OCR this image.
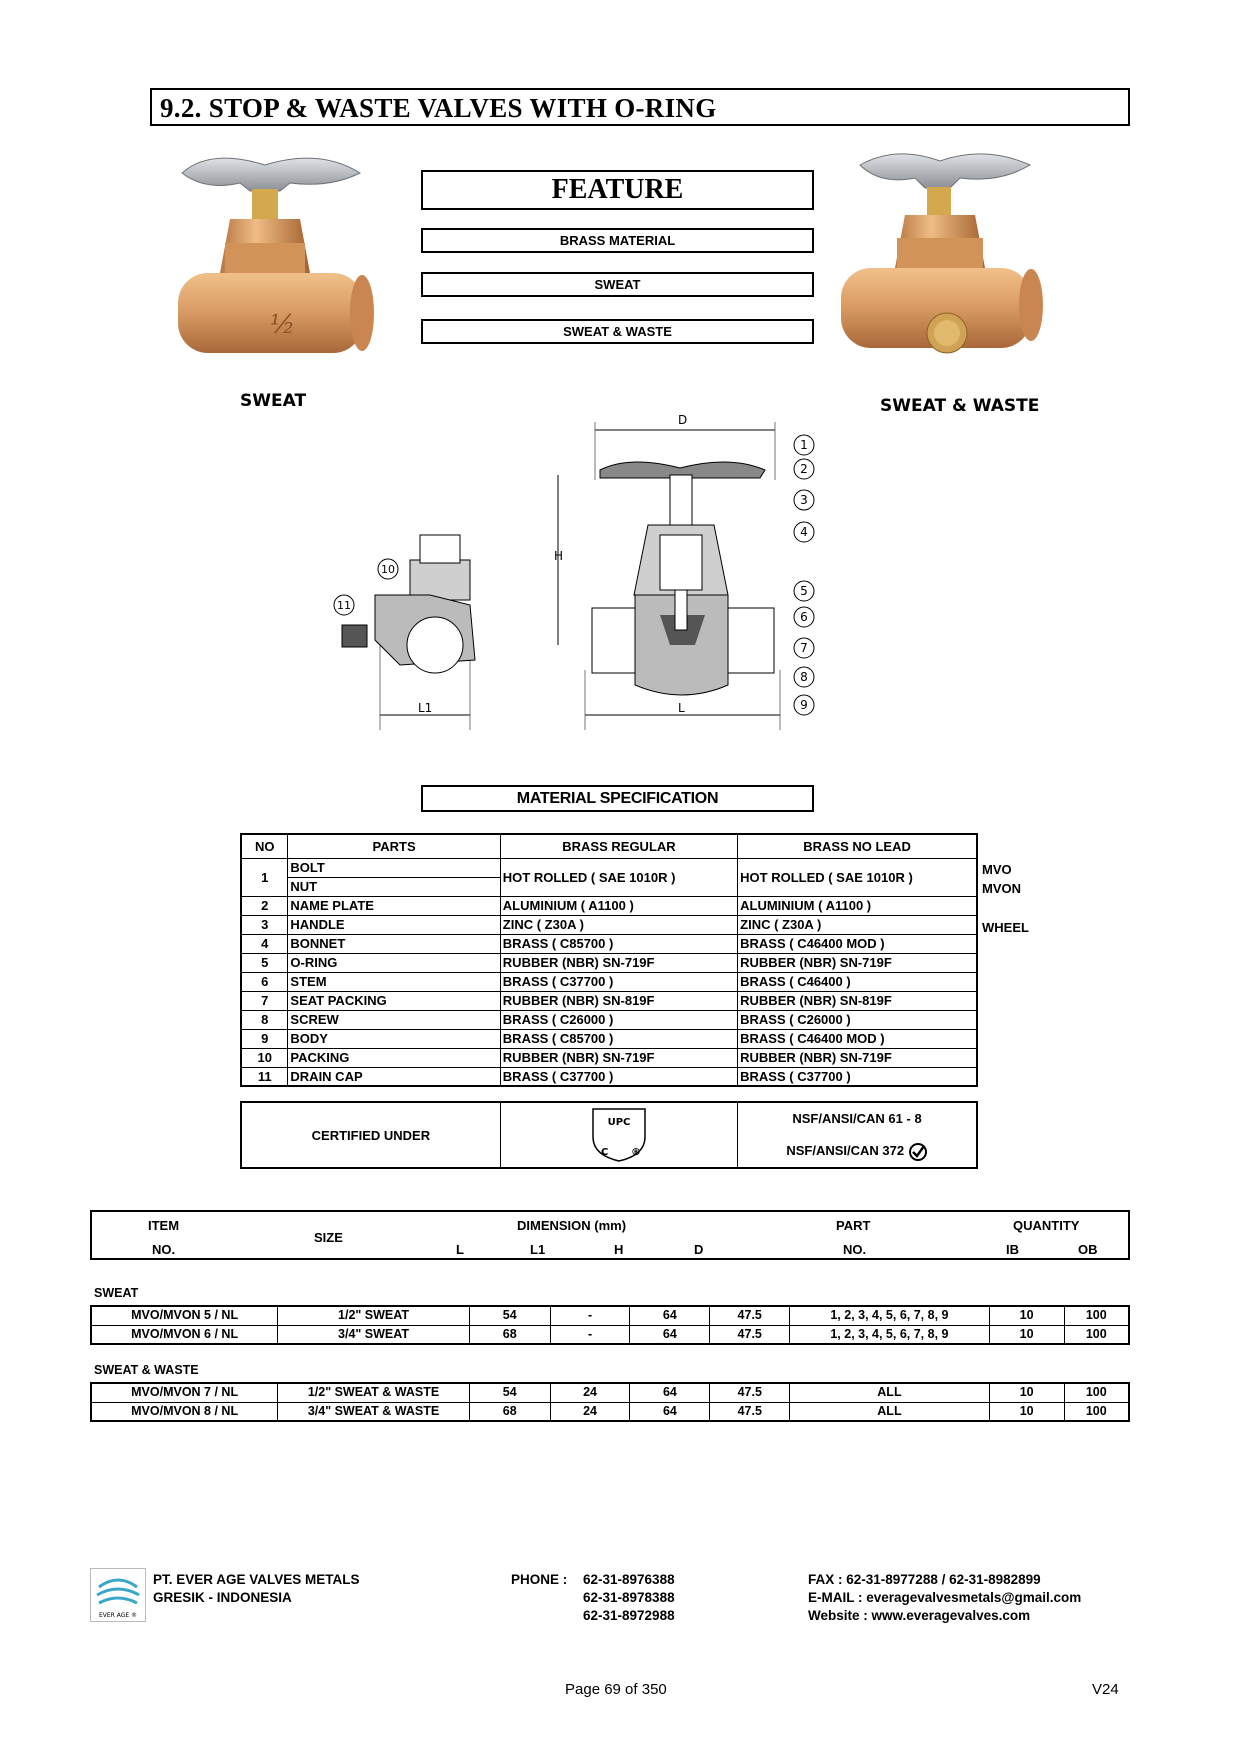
9.2. STOP & WASTE VALVES WITH O-RING
½
SWEAT	SWEAT & WASTE
FEATURE
BRASS MATERIAL
SWEAT
SWEAT & WASTE
D
H
L
L1
1
2
3
4
5
6
7
8
9
10
11
MATERIAL SPECIFICATION
NO	PARTS	BRASS REGULAR	BRASS NO LEAD
1	BOLT	HOT ROLLED ( SAE 1010R )	HOT ROLLED ( SAE 1010R )
	NUT		
2	NAME PLATE	ALUMINIUM ( A1100 )	ALUMINIUM ( A1100 )
3	HANDLE	ZINC ( Z30A )	ZINC ( Z30A )
4	BONNET	BRASS ( C85700 )	BRASS ( C46400 MOD )
5	O-RING	RUBBER (NBR) SN-719F	RUBBER (NBR) SN-719F
6	STEM	BRASS ( C37700 )	BRASS ( C46400 )
7	SEAT PACKING	RUBBER (NBR) SN-819F	RUBBER (NBR) SN-819F
8	SCREW	BRASS ( C26000 )	BRASS ( C26000 )
9	BODY	BRASS ( C85700 )	BRASS ( C46400 MOD )
10	PACKING	RUBBER (NBR) SN-719F	RUBBER (NBR) SN-719F
11	DRAIN CAP	BRASS ( C37700 )	BRASS ( C37700 )
MVO
MVON
WHEEL
CERTIFIED UNDER	
UPC
C ®

NSF/ANSI/CAN 61 - 8
NSF/ANSI/CAN 372
ITEM
NO.
SIZE
DIMENSION (mm)
L	L1	H	D
PART
NO.
QUANTITY
IB	OB
SWEAT
MVO/MVON 5 / NL	1/2" SWEAT	54	-	64	47.5	1, 2, 3, 4, 5, 6, 7, 8, 9	10	100
MVO/MVON 6 / NL	3/4" SWEAT	68	-	64	47.5	1, 2, 3, 4, 5, 6, 7, 8, 9	10	100
SWEAT & WASTE
MVO/MVON 7 / NL	1/2" SWEAT & WASTE	54	24	64	47.5	ALL	10	100
MVO/MVON 8 / NL	3/4" SWEAT & WASTE	68	24	64	47.5	ALL	10	100
EVER AGE ®
PT. EVER AGE VALVES METALS
GRESIK - INDONESIA
PHONE : 62-31-8976388
62-31-8978388
62-31-8972988
FAX : 62-31-8977288 / 62-31-8982899
E-MAIL : everagevalvesmetals@gmail.com
Website : www.everagevalves.com
Page 69 of 350	V24
